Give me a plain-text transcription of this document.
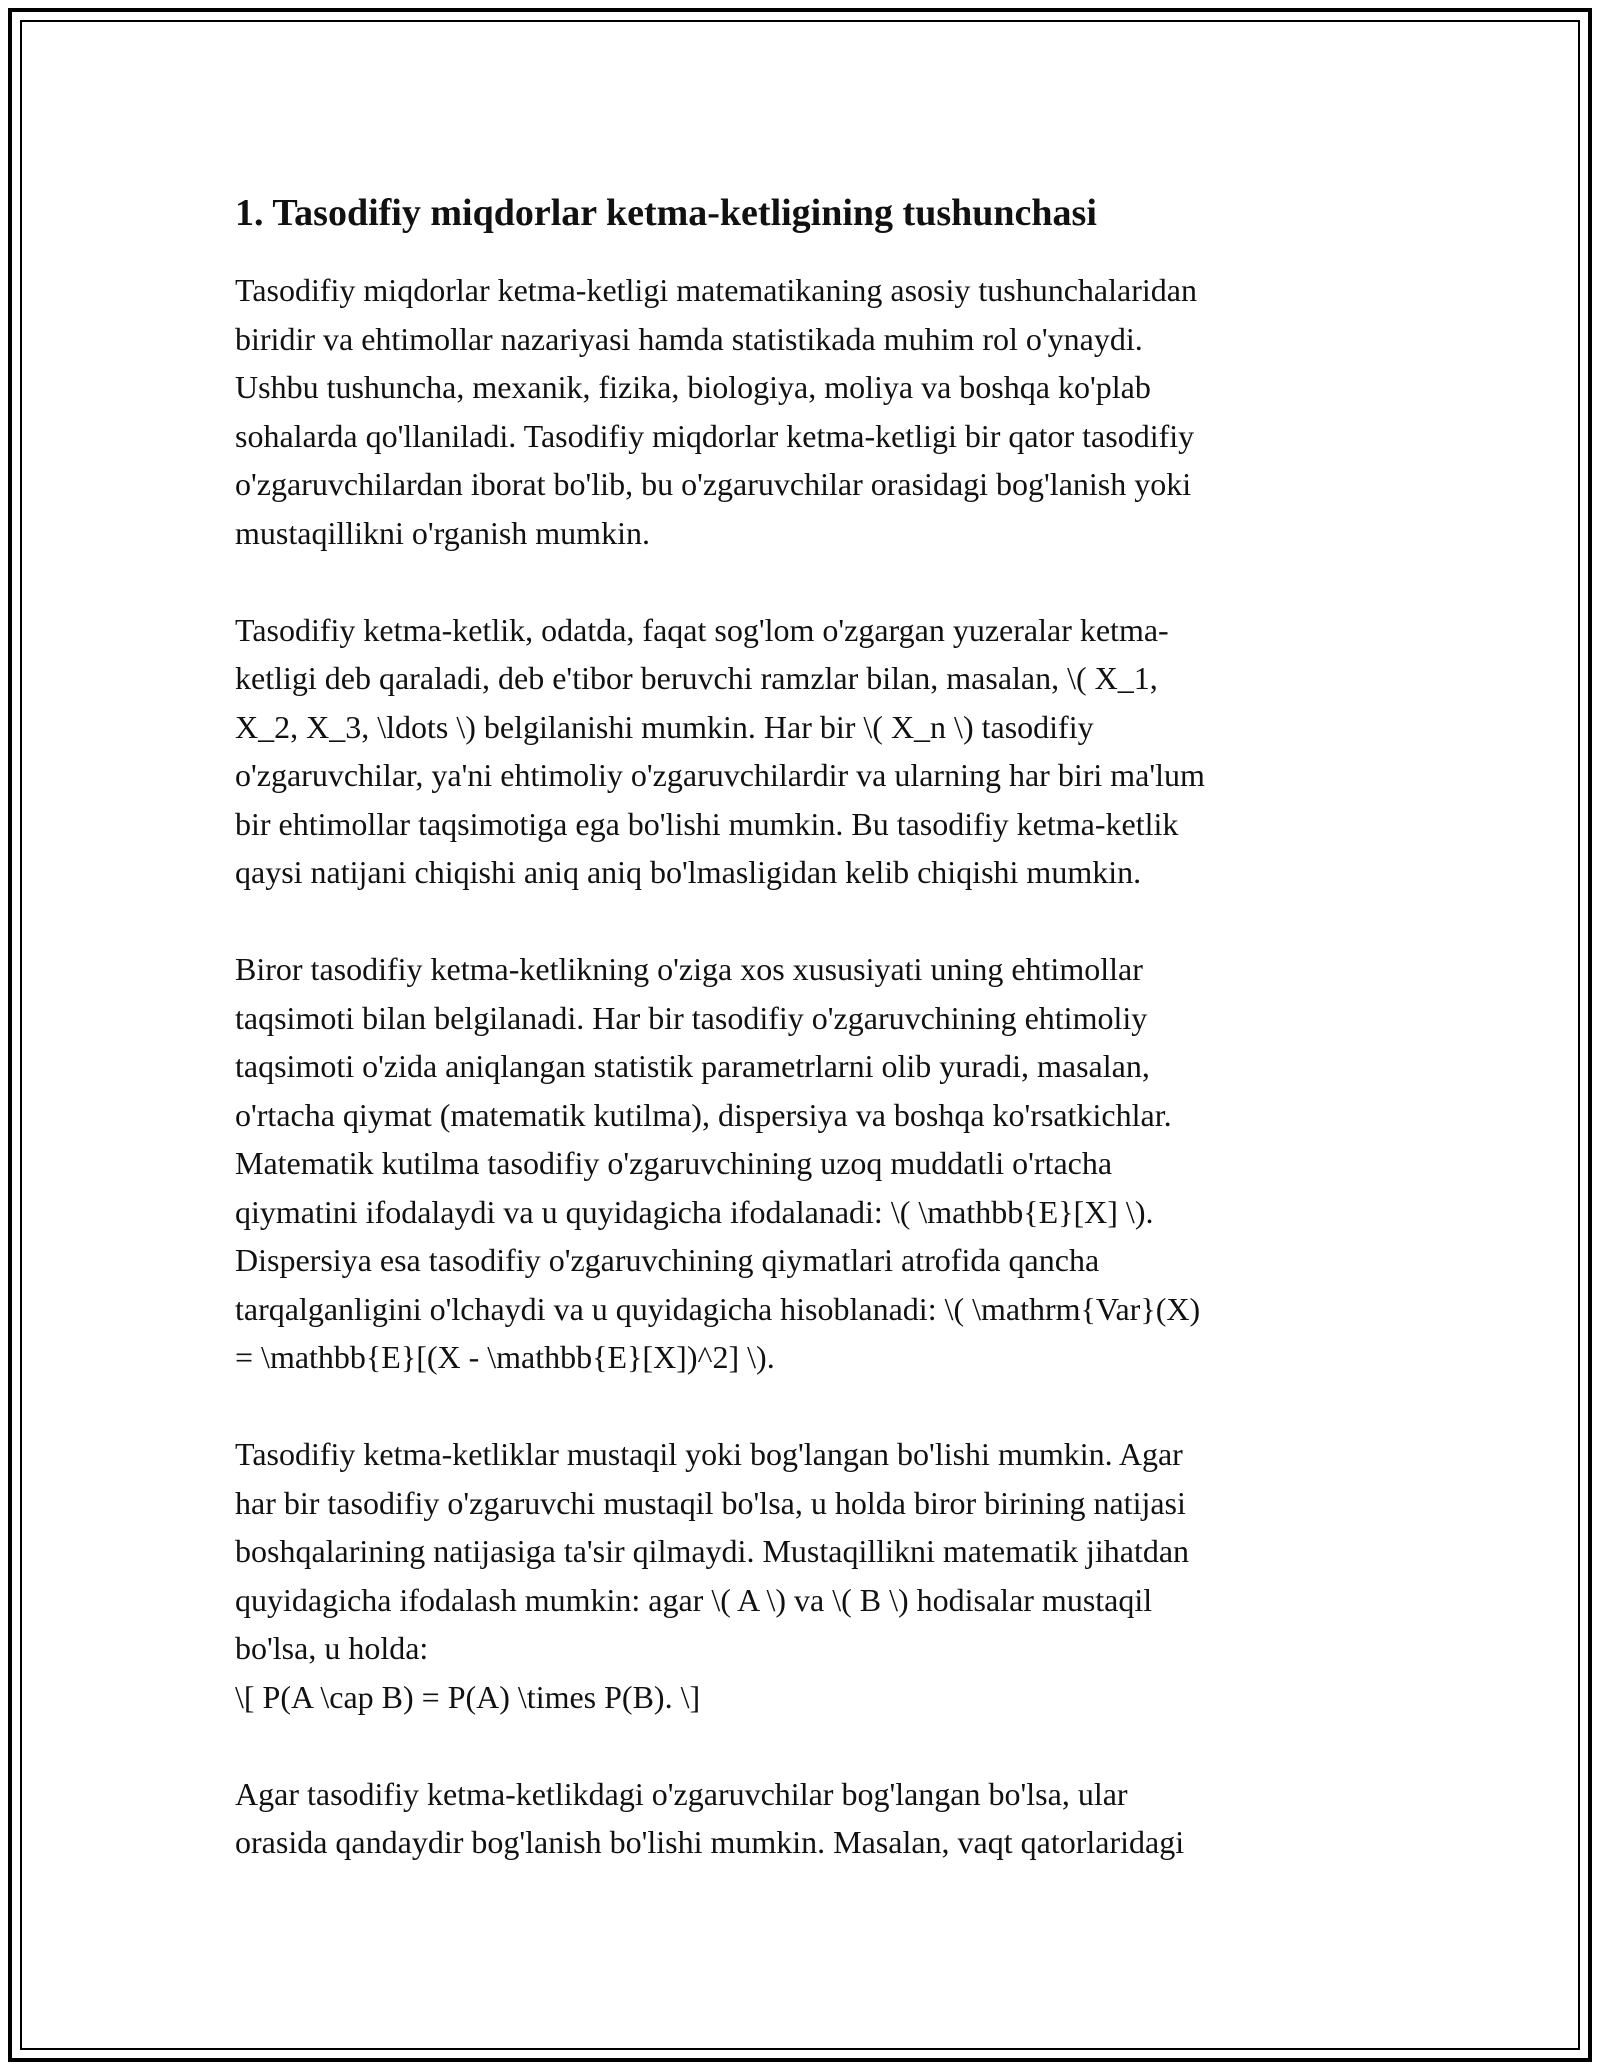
1. Tasodifiy miqdorlar ketma-ketligining tushunchasi
Tasodifiy miqdorlar ketma-ketligi matematikaning asosiy tushunchalaridan
biridir va ehtimollar nazariyasi hamda statistikada muhim rol o'ynaydi.
Ushbu tushuncha, mexanik, fizika, biologiya, moliya va boshqa ko'plab
sohalarda qo'llaniladi. Tasodifiy miqdorlar ketma-ketligi bir qator tasodifiy
o'zgaruvchilardan iborat bo'lib, bu o'zgaruvchilar orasidagi bog'lanish yoki
mustaqillikni o'rganish mumkin.
Tasodifiy ketma-ketlik, odatda, faqat sog'lom o'zgargan yuzeralar ketma-
ketligi deb qaraladi, deb e'tibor beruvchi ramzlar bilan, masalan, \( X_1,
X_2, X_3, \ldots \) belgilanishi mumkin. Har bir \( X_n \) tasodifiy
o'zgaruvchilar, ya'ni ehtimoliy o'zgaruvchilardir va ularning har biri ma'lum
bir ehtimollar taqsimotiga ega bo'lishi mumkin. Bu tasodifiy ketma-ketlik
qaysi natijani chiqishi aniq aniq bo'lmasligidan kelib chiqishi mumkin.
Biror tasodifiy ketma-ketlikning o'ziga xos xususiyati uning ehtimollar
taqsimoti bilan belgilanadi. Har bir tasodifiy o'zgaruvchining ehtimoliy
taqsimoti o'zida aniqlangan statistik parametrlarni olib yuradi, masalan,
o'rtacha qiymat (matematik kutilma), dispersiya va boshqa ko'rsatkichlar.
Matematik kutilma tasodifiy o'zgaruvchining uzoq muddatli o'rtacha
qiymatini ifodalaydi va u quyidagicha ifodalanadi: \( \mathbb{E}[X] \).
Dispersiya esa tasodifiy o'zgaruvchining qiymatlari atrofida qancha
tarqalganligini o'lchaydi va u quyidagicha hisoblanadi: \( \mathrm{Var}(X)
= \mathbb{E}[(X - \mathbb{E}[X])^2] \).
Tasodifiy ketma-ketliklar mustaqil yoki bog'langan bo'lishi mumkin. Agar
har bir tasodifiy o'zgaruvchi mustaqil bo'lsa, u holda biror birining natijasi
boshqalarining natijasiga ta'sir qilmaydi. Mustaqillikni matematik jihatdan
quyidagicha ifodalash mumkin: agar \( A \) va \( B \) hodisalar mustaqil
bo'lsa, u holda:
\[ P(A \cap B) = P(A) \times P(B). \]
Agar tasodifiy ketma-ketlikdagi o'zgaruvchilar bog'langan bo'lsa, ular
orasida qandaydir bog'lanish bo'lishi mumkin. Masalan, vaqt qatorlaridagi
